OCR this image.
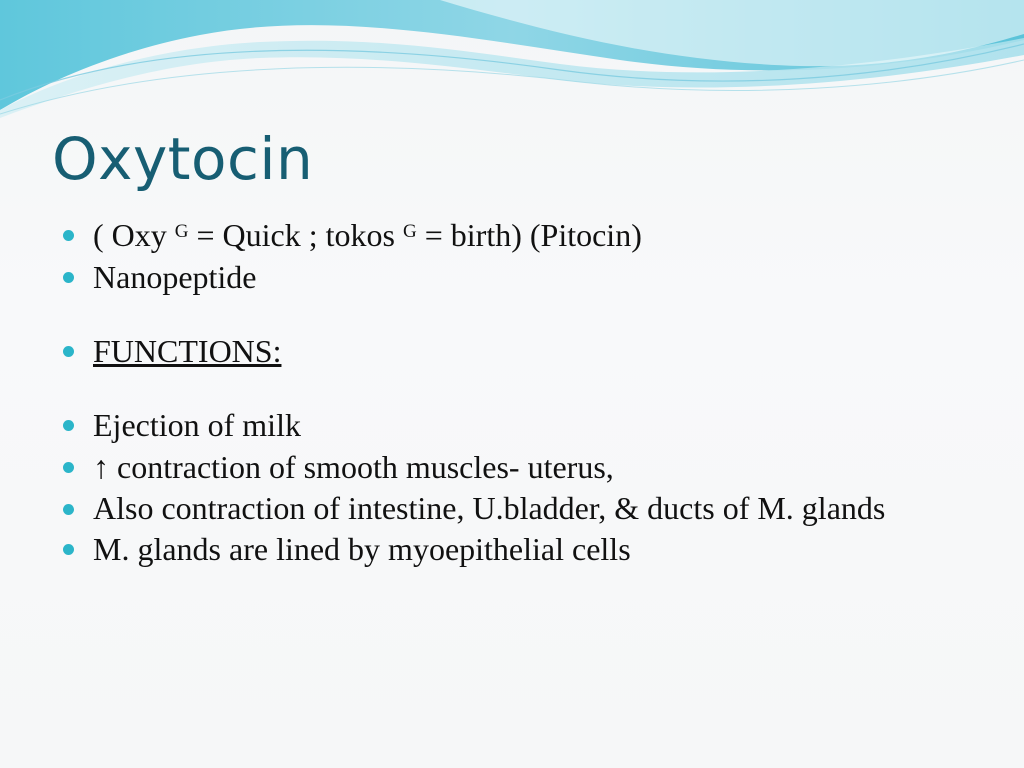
Oxytocin
( Oxy $^G$ = Quick ; tokos $^G$ = birth) (Pitocin)
Nanopeptide
FUNCTIONS:
Ejection of milk
↑ contraction of smooth muscles- uterus,
Also contraction of intestine, U.bladder, & ducts of M. glands
M. glands are lined by myoepithelial cells
